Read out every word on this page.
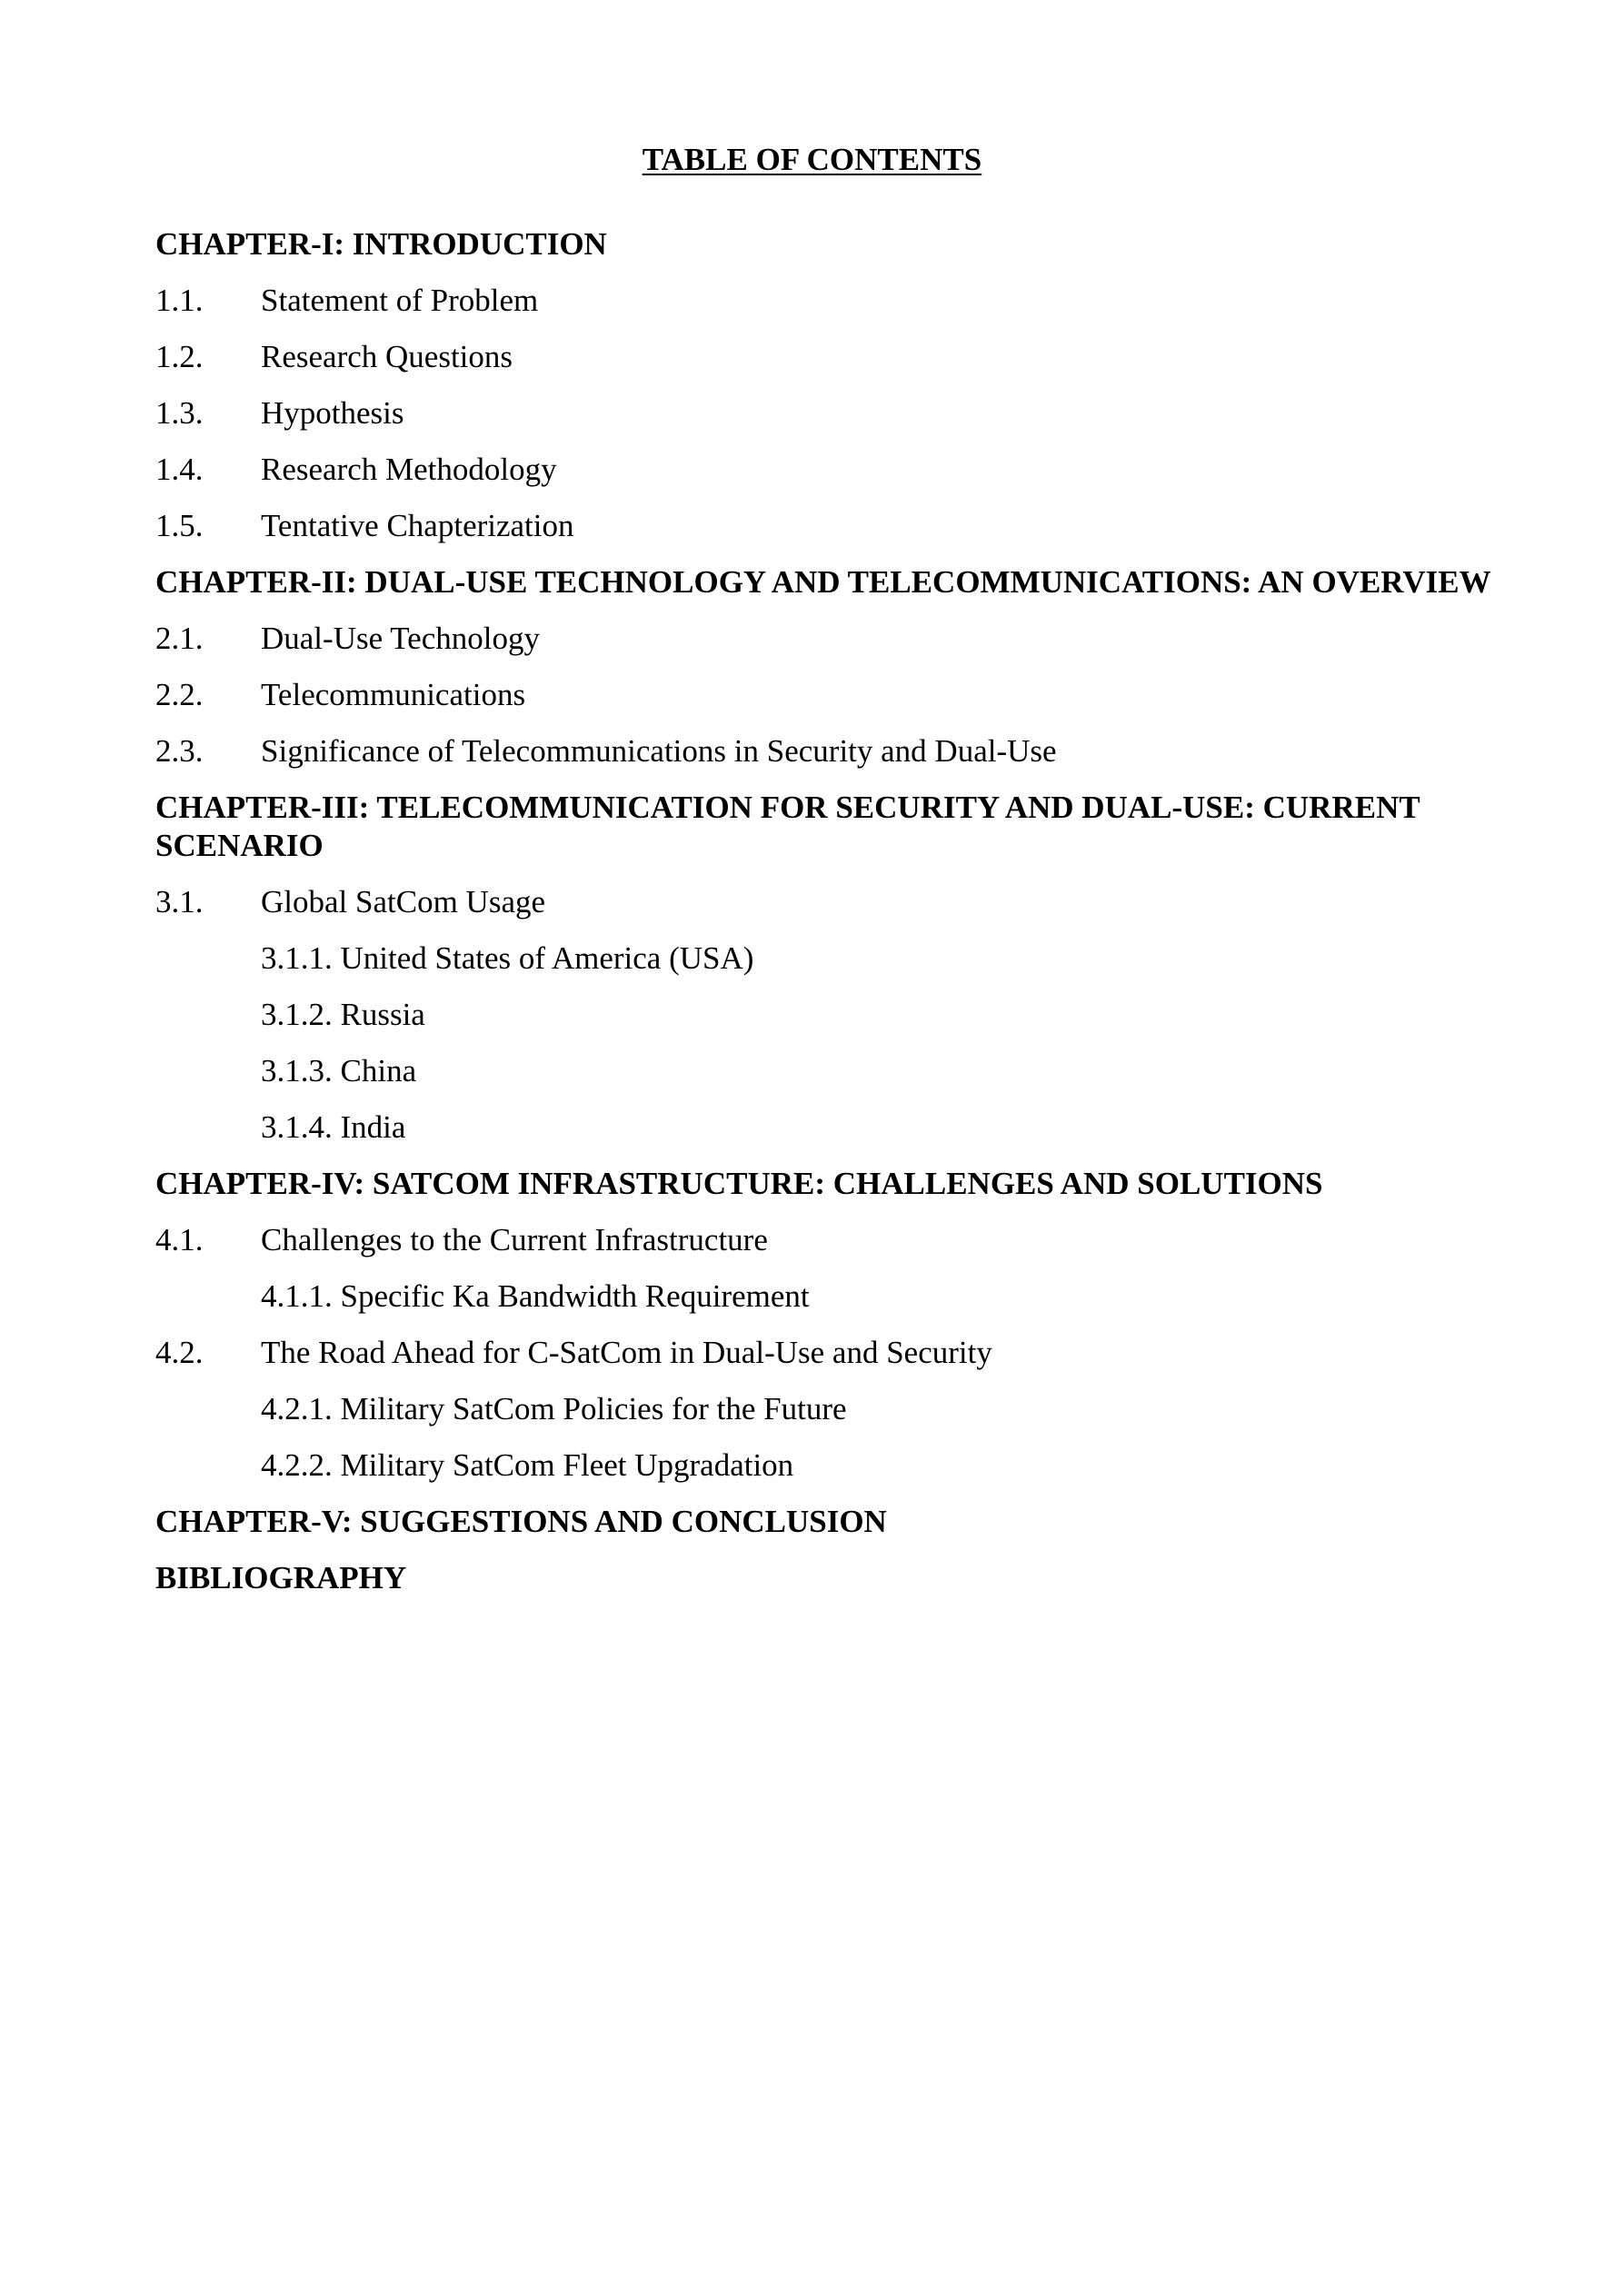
TABLE OF CONTENTS
CHAPTER-I: INTRODUCTION
1.1.	Statement of Problem
1.2.	Research Questions
1.3.	Hypothesis
1.4.	Research Methodology
1.5.	Tentative Chapterization
CHAPTER-II: DUAL-USE TECHNOLOGY AND TELECOMMUNICATIONS: AN OVERVIEW
2.1.	Dual-Use Technology
2.2.	Telecommunications
2.3.	Significance of Telecommunications in Security and Dual-Use
CHAPTER-III: TELECOMMUNICATION FOR SECURITY AND DUAL-USE: CURRENT SCENARIO
3.1.	Global SatCom Usage
3.1.1. United States of America (USA)
3.1.2. Russia
3.1.3. China
3.1.4. India
CHAPTER-IV: SATCOM INFRASTRUCTURE: CHALLENGES AND SOLUTIONS
4.1.	Challenges to the Current Infrastructure
4.1.1. Specific Ka Bandwidth Requirement
4.2.	The Road Ahead for C-SatCom in Dual-Use and Security
4.2.1. Military SatCom Policies for the Future
4.2.2. Military SatCom Fleet Upgradation
CHAPTER-V: SUGGESTIONS AND CONCLUSION
BIBLIOGRAPHY
